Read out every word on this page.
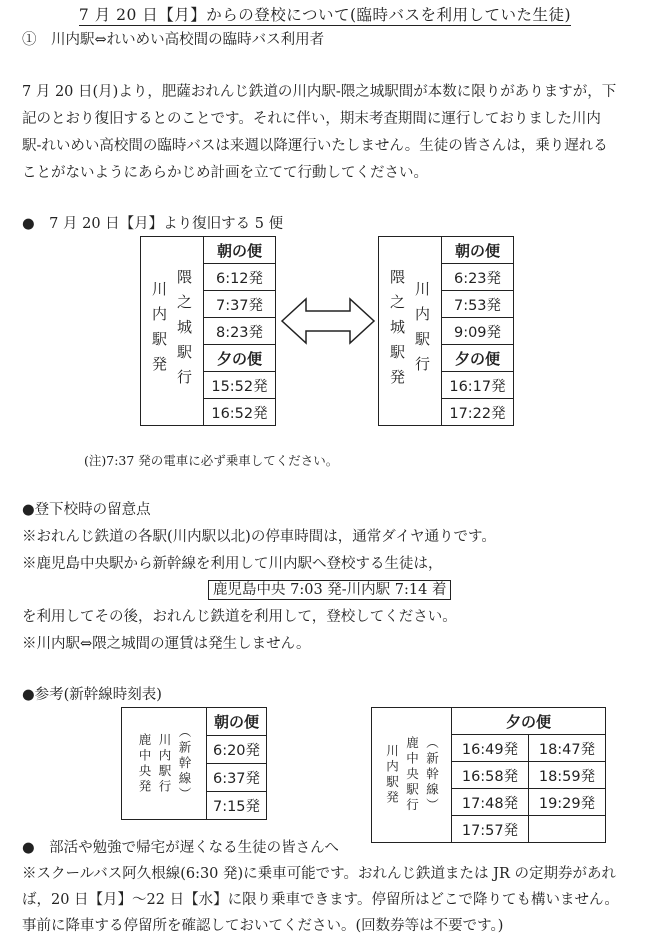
7 月 20 日【月】からの登校について(臨時バスを利用していた生徒)
①　川内駅⇔れいめい高校間の臨時バス利用者
7 月 20 日(月)より，肥薩おれんじ鉄道の川内駅-隈之城駅間が本数に限りがありますが，下
記のとおり復旧するとのことです。それに伴い，期末考査期間に運行しておりました川内
駅-れいめい高校間の臨時バスは来週以降運行いたしません。生徒の皆さんは，乗り遅れる
ことがないようにあらかじめ計画を立てて行動してください。
●　7 月 20 日【月】より復旧する 5 便
川内駅発 隈之城駅行
	朝の便
6:12発
7:37発
8:23発
夕の便
15:52発
16:52発
隈之城駅発 川内駅行
	朝の便
6:23発
7:53発
9:09発
夕の便
16:17発
17:22発
(注)7:37 発の電車に必ず乗車してください。
●登下校時の留意点
※おれんじ鉄道の各駅(川内駅以北)の停車時間は，通常ダイヤ通りです。
※鹿児島中央駅から新幹線を利用して川内駅へ登校する生徒は，
鹿児島中央 7:03 発-川内駅 7:14 着
を利用してその後，おれんじ鉄道を利用して，登校してください。
※川内駅⇔隈之城間の運賃は発生しません。
●参考(新幹線時刻表)
鹿中央発 川内駅行 （新幹線）
	朝の便
6:20発
6:37発
7:15発
川内駅発 鹿中央駅行 （新幹線）	夕の便	
	16:49発	18:47発
	16:58発	18:59発
	17:48発	19:29発
	17:57発	
●　部活や勉強で帰宅が遅くなる生徒の皆さんへ
※スクールバス阿久根線(6:30 発)に乗車可能です。おれんじ鉄道または JR の定期券があれ
ば，20 日【月】～22 日【水】に限り乗車できます。停留所はどこで降りても構いません。
事前に降車する停留所を確認しておいてください。(回数券等は不要です。)
